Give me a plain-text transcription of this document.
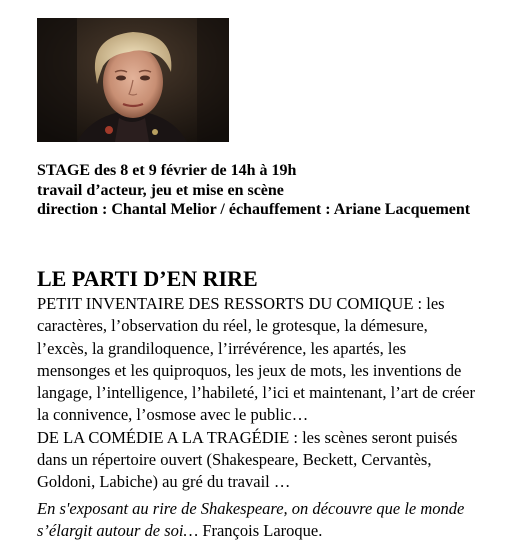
STAGE des 8 et 9 février de 14h à 19h
travail d’acteur, jeu et mise en scène
direction : Chantal Melior / échauffement : Ariane Lacquement
LE PARTI D’EN RIRE
PETIT INVENTAIRE DES RESSORTS DU COMIQUE : les caractères, l’observation du réel, le grotesque, la démesure, l’excès, la grandiloquence, l’irrévérence, les apartés, les mensonges et les quiproquos, les jeux de mots, les inventions de langage, l’intelligence, l’habileté, l’ici et maintenant, l’art de créer la connivence, l’osmose avec le public…
DE LA COMÉDIE A LA TRAGÉDIE : les scènes seront puisés dans un répertoire ouvert (Shakespeare, Beckett, Cervantès, Goldoni, Labiche) au gré du travail …
En s'exposant au rire de Shakespeare, on découvre que le monde s’élargit autour de soi… François Laroque.
